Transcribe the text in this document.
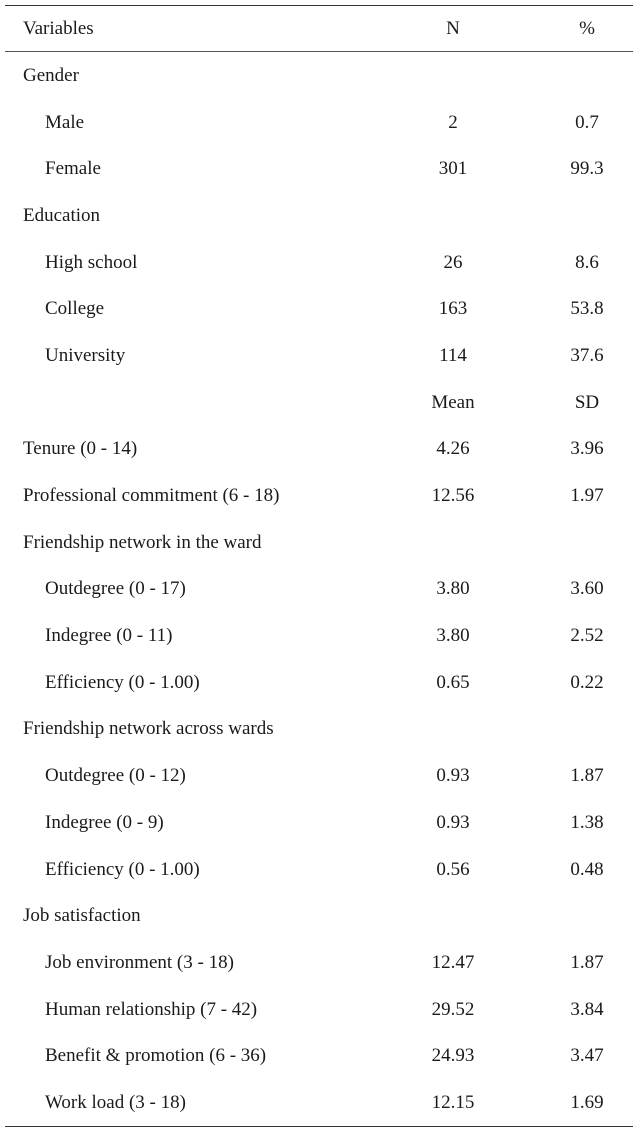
Variables	N	%
Gender		
Male	2	0.7
Female	301	99.3
Education		
High school	26	8.6
College	163	53.8
University	114	37.6
	Mean	SD
Tenure (0 - 14)	4.26	3.96
Professional commitment (6 - 18)	12.56	1.97
Friendship network in the ward		
Outdegree (0 - 17)	3.80	3.60
Indegree (0 - 11)	3.80	2.52
Efficiency (0 - 1.00)	0.65	0.22
Friendship network across wards		
Outdegree (0 - 12)	0.93	1.87
Indegree (0 - 9)	0.93	1.38
Efficiency (0 - 1.00)	0.56	0.48
Job satisfaction		
Job environment (3 - 18)	12.47	1.87
Human relationship (7 - 42)	29.52	3.84
Benefit & promotion (6 - 36)	24.93	3.47
Work load (3 - 18)	12.15	1.69
